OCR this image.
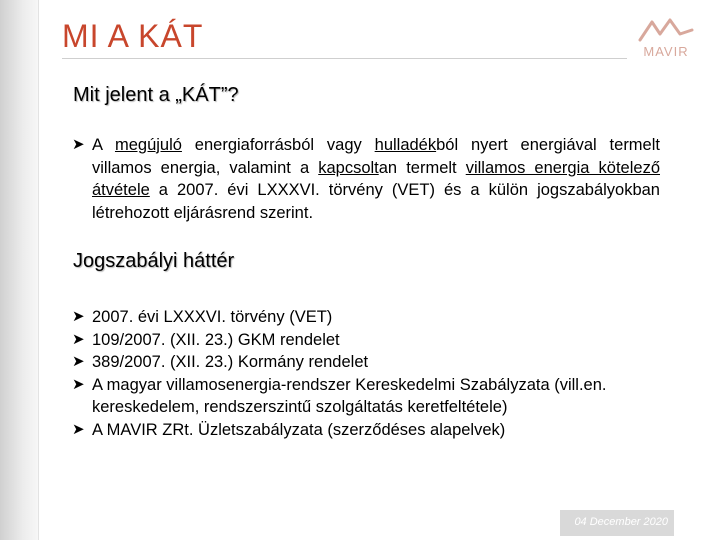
MI A KÁT	MAVIR
Mit jelent a „KÁT”?
➤ A megújuló energiaforrásból vagy hulladékból nyert energiával termelt villamos energia, valamint a kapcsoltan termelt villamos energia kötelező átvétele a 2007. évi LXXXVI. törvény (VET) és a külön jogszabályokban létrehozott eljárásrend szerint.
Jogszabályi háttér
➤ 2007. évi LXXXVI. törvény (VET)
➤ 109/2007. (XII. 23.) GKM rendelet
➤ 389/2007. (XII. 23.) Kormány rendelet
➤ A magyar villamosenergia-rendszer Kereskedelmi Szabályzata (vill.en. kereskedelem, rendszerszintű szolgáltatás keretfeltétele)
➤ A MAVIR ZRt. Üzletszabályzata (szerződéses alapelvek)
04 December 2020
